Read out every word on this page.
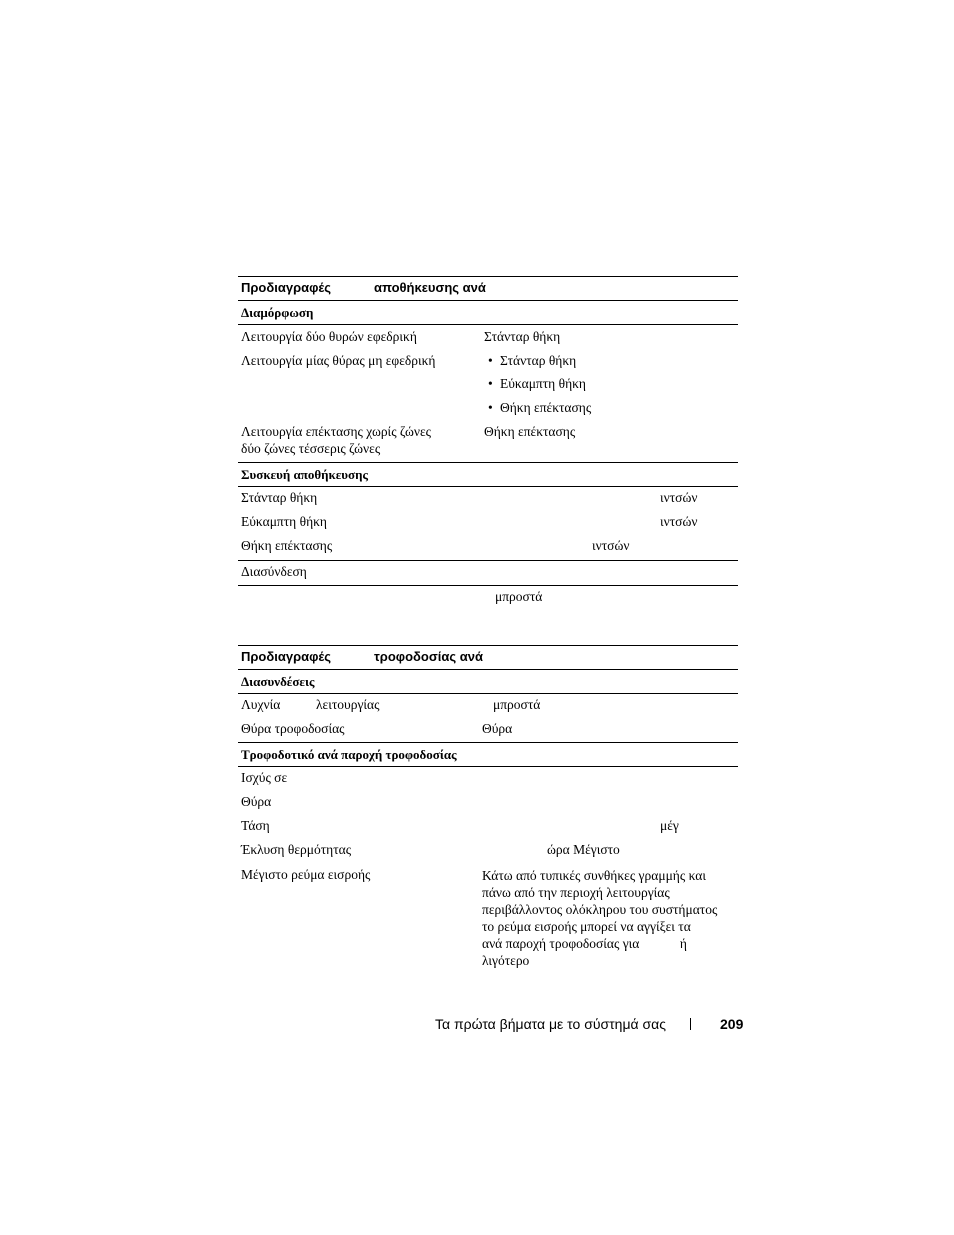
Προδιαγραφές	αποθήκευσης ανά
Διαμόρφωση
Λειτουργία δύο θυρών εφεδρική	Στάνταρ θήκη
Λειτουργία μίας θύρας μη εφεδρική	• Στάνταρ θήκη
• Εύκαμπτη θήκη
• Θήκη επέκτασης
Λειτουργία επέκτασης χωρίς ζώνες	Θήκη επέκτασης
δύο ζώνες τέσσερις ζώνες
Συσκευή αποθήκευσης
Στάνταρ θήκη	ιντσών
Εύκαμπτη θήκη	ιντσών
Θήκη επέκτασης	ιντσών
Διασύνδεση
μπροστά
Προδιαγραφές	τροφοδοσίας ανά
Διασυνδέσεις
Λυχνία	λειτουργίας	μπροστά
Θύρα τροφοδοσίας	Θύρα
Τροφοδοτικό ανά παροχή τροφοδοσίας
Ισχύς σε
Θύρα
Τάση	μέγ
Έκλυση θερμότητας	ώρα Μέγιστο
Μέγιστο ρεύμα εισροής	Κάτω από τυπικές συνθήκες γραμμής και
πάνω από την περιοχή λειτουργίας
περιβάλλοντος ολόκληρου του συστήματος
το ρεύμα εισροής μπορεί να αγγίξει τα
ανά παροχή τροφοδοσίας για            ή
λιγότερο
Τα πρώτα βήματα με το σύστημά σας	209
